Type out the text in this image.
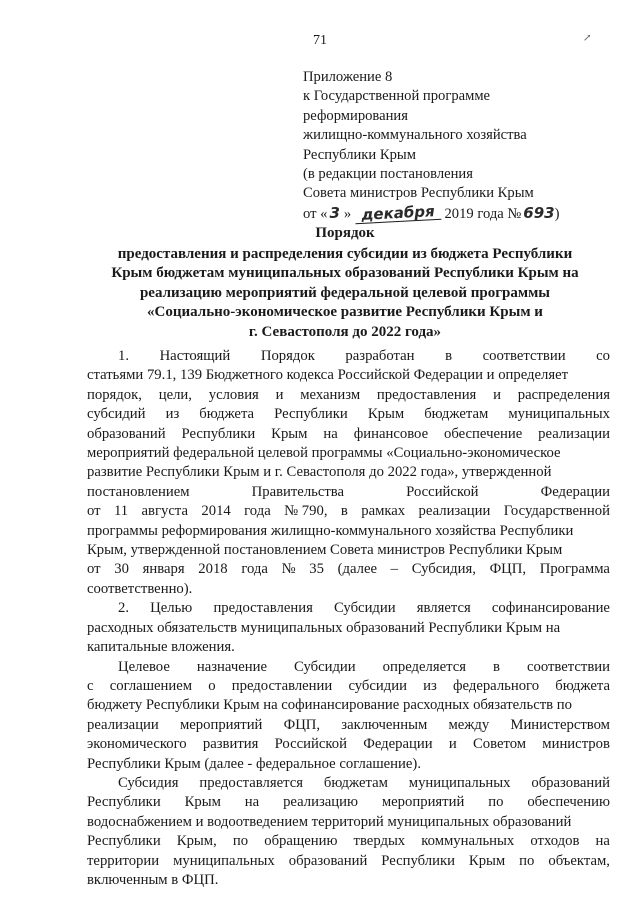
71	↗
Приложение 8
к Государственной программе
реформирования
жилищно-коммунального хозяйства
Республики Крым
(в редакции постановления
Совета министров Республики Крым
от « 3 » декабря 2019 года № 693)
Порядок
предоставления и распределения субсидии из бюджета Республики
Крым бюджетам муниципальных образований Республики Крым на
реализацию мероприятий федеральной целевой программы
«Социально-экономическое развитие Республики Крым и
г. Севастополя до 2022 года»
1. Настоящий Порядок разработан в соответствии со
статьями 79.1, 139 Бюджетного кодекса Российской Федерации и определяет
порядок, цели, условия и механизм предоставления и распределения
субсидий из бюджета Республики Крым бюджетам муниципальных
образований Республики Крым на финансовое обеспечение реализации
мероприятий федеральной целевой программы «Социально-экономическое
развитие Республики Крым и г. Севастополя до 2022 года», утвержденной
постановлением	Правительства	Российской	Федерации
от 11 августа 2014 года № 790, в рамках реализации Государственной
программы реформирования жилищно-коммунального хозяйства Республики
Крым, утвержденной постановлением Совета министров Республики Крым
от 30 января 2018 года № 35 (далее – Субсидия, ФЦП, Программа
соответственно).
2. Целью предоставления Субсидии является софинансирование
расходных обязательств муниципальных образований Республики Крым на
капитальные вложения.
Целевое назначение Субсидии определяется в соответствии
с соглашением о предоставлении субсидии из федерального бюджета
бюджету Республики Крым на софинансирование расходных обязательств по
реализации мероприятий ФЦП, заключенным между Министерством
экономического развития Российской Федерации и Советом министров
Республики Крым (далее - федеральное соглашение).
Субсидия предоставляется бюджетам муниципальных образований
Республики Крым на реализацию мероприятий по обеспечению
водоснабжением и водоотведением территорий муниципальных образований
Республики Крым, по обращению твердых коммунальных отходов на
территории муниципальных образований Республики Крым по объектам,
включенным в ФЦП.
